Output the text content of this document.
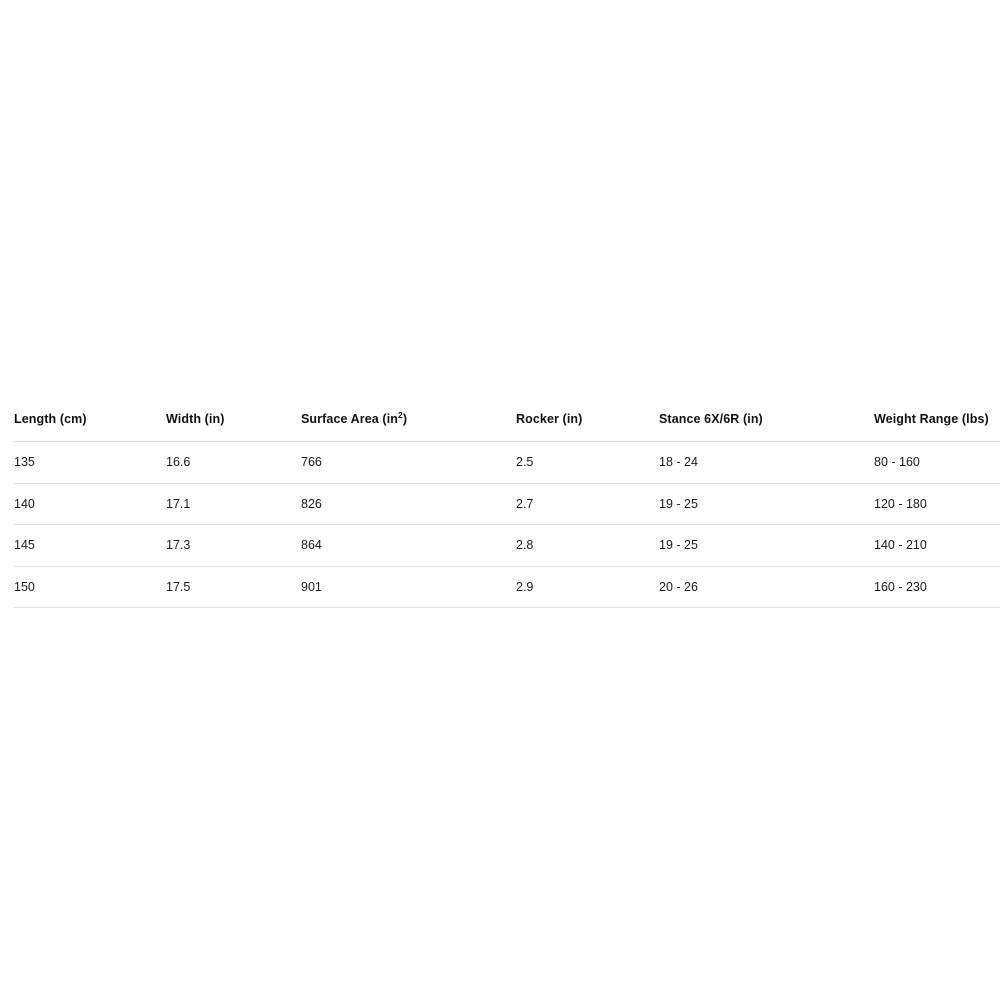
Length (cm)	Width (in)	Surface Area $(in^2)$	Rocker (in)	Stance 6X/6R (in)	Weight Range (lbs)
135	16.6	766	2.5	18 - 24	80 - 160
140	17.1	826	2.7	19 - 25	120 - 180
145	17.3	864	2.8	19 - 25	140 - 210
150	17.5	901	2.9	20 - 26	160 - 230
